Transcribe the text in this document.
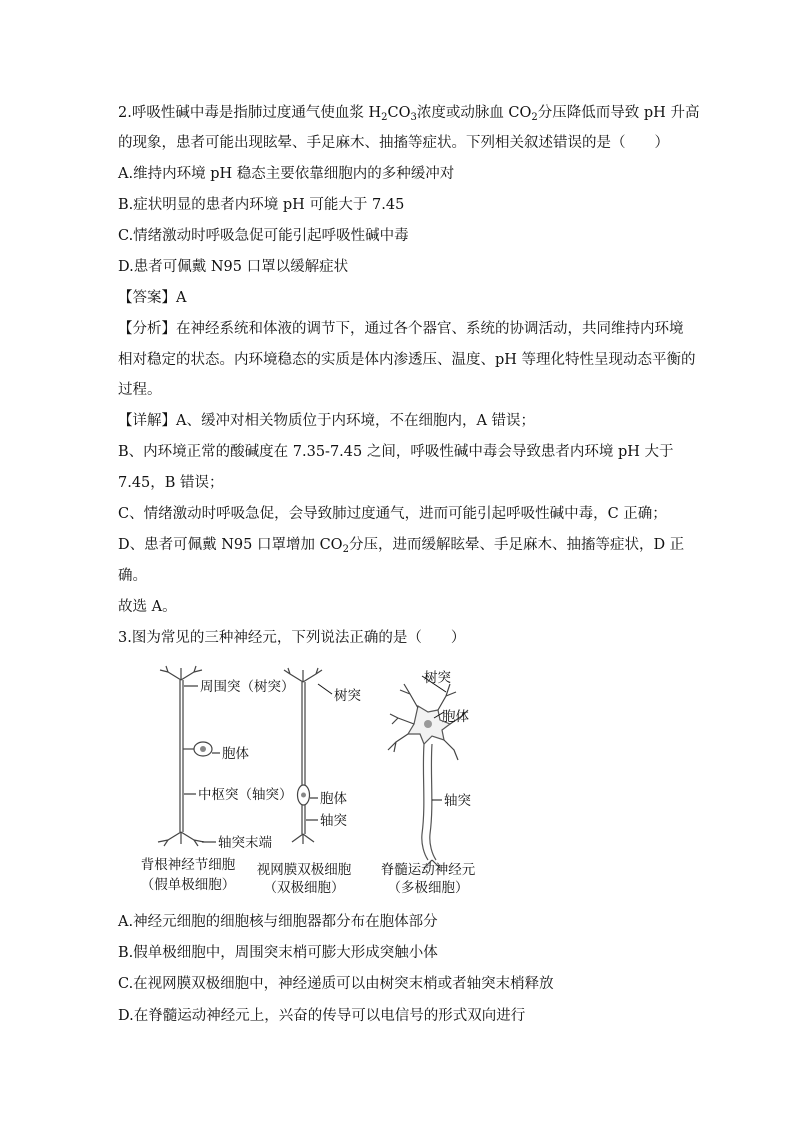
2.呼吸性碱中毒是指肺过度通气使血浆 $H_2CO_3$浓度或动脉血 $CO_2$分压降低而导致 pH 升高
的现象，患者可能出现眩晕、手足麻木、抽搐等症状。下列相关叙述错误的是（　　）
A.维持内环境 pH 稳态主要依靠细胞内的多种缓冲对
B.症状明显的患者内环境 pH 可能大于 7.45
C.情绪激动时呼吸急促可能引起呼吸性碱中毒
D.患者可佩戴 N95 口罩以缓解症状
【答案】A
【分析】在神经系统和体液的调节下，通过各个器官、系统的协调活动，共同维持内环境
相对稳定的状态。内环境稳态的实质是体内渗透压、温度、pH 等理化特性呈现动态平衡的
过程。
【详解】A、缓冲对相关物质位于内环境，不在细胞内，A 错误；
B、内环境正常的酸碱度在 7.35-7.45 之间，呼吸性碱中毒会导致患者内环境 pH 大于
7.45，B 错误；
C、情绪激动时呼吸急促，会导致肺过度通气，进而可能引起呼吸性碱中毒，C 正确；
D、患者可佩戴 N95 口罩增加 $CO_2$分压，进而缓解眩晕、手足麻木、抽搐等症状，D 正
确。
故选 A。
3.图为常见的三种神经元，下列说法正确的是（　　）
周围突（树突）
胞体
中枢突（轴突）
轴突末端
背根神经节细胞
（假单极细胞）
树突
胞体
轴突
视网膜双极细胞
（双极细胞）
树突
胞体
轴突
脊髓运动神经元
（多极细胞）
A.神经元细胞的细胞核与细胞器都分布在胞体部分
B.假单极细胞中，周围突末梢可膨大形成突触小体
C.在视网膜双极细胞中，神经递质可以由树突末梢或者轴突末梢释放
D.在脊髓运动神经元上，兴奋的传导可以电信号的形式双向进行
